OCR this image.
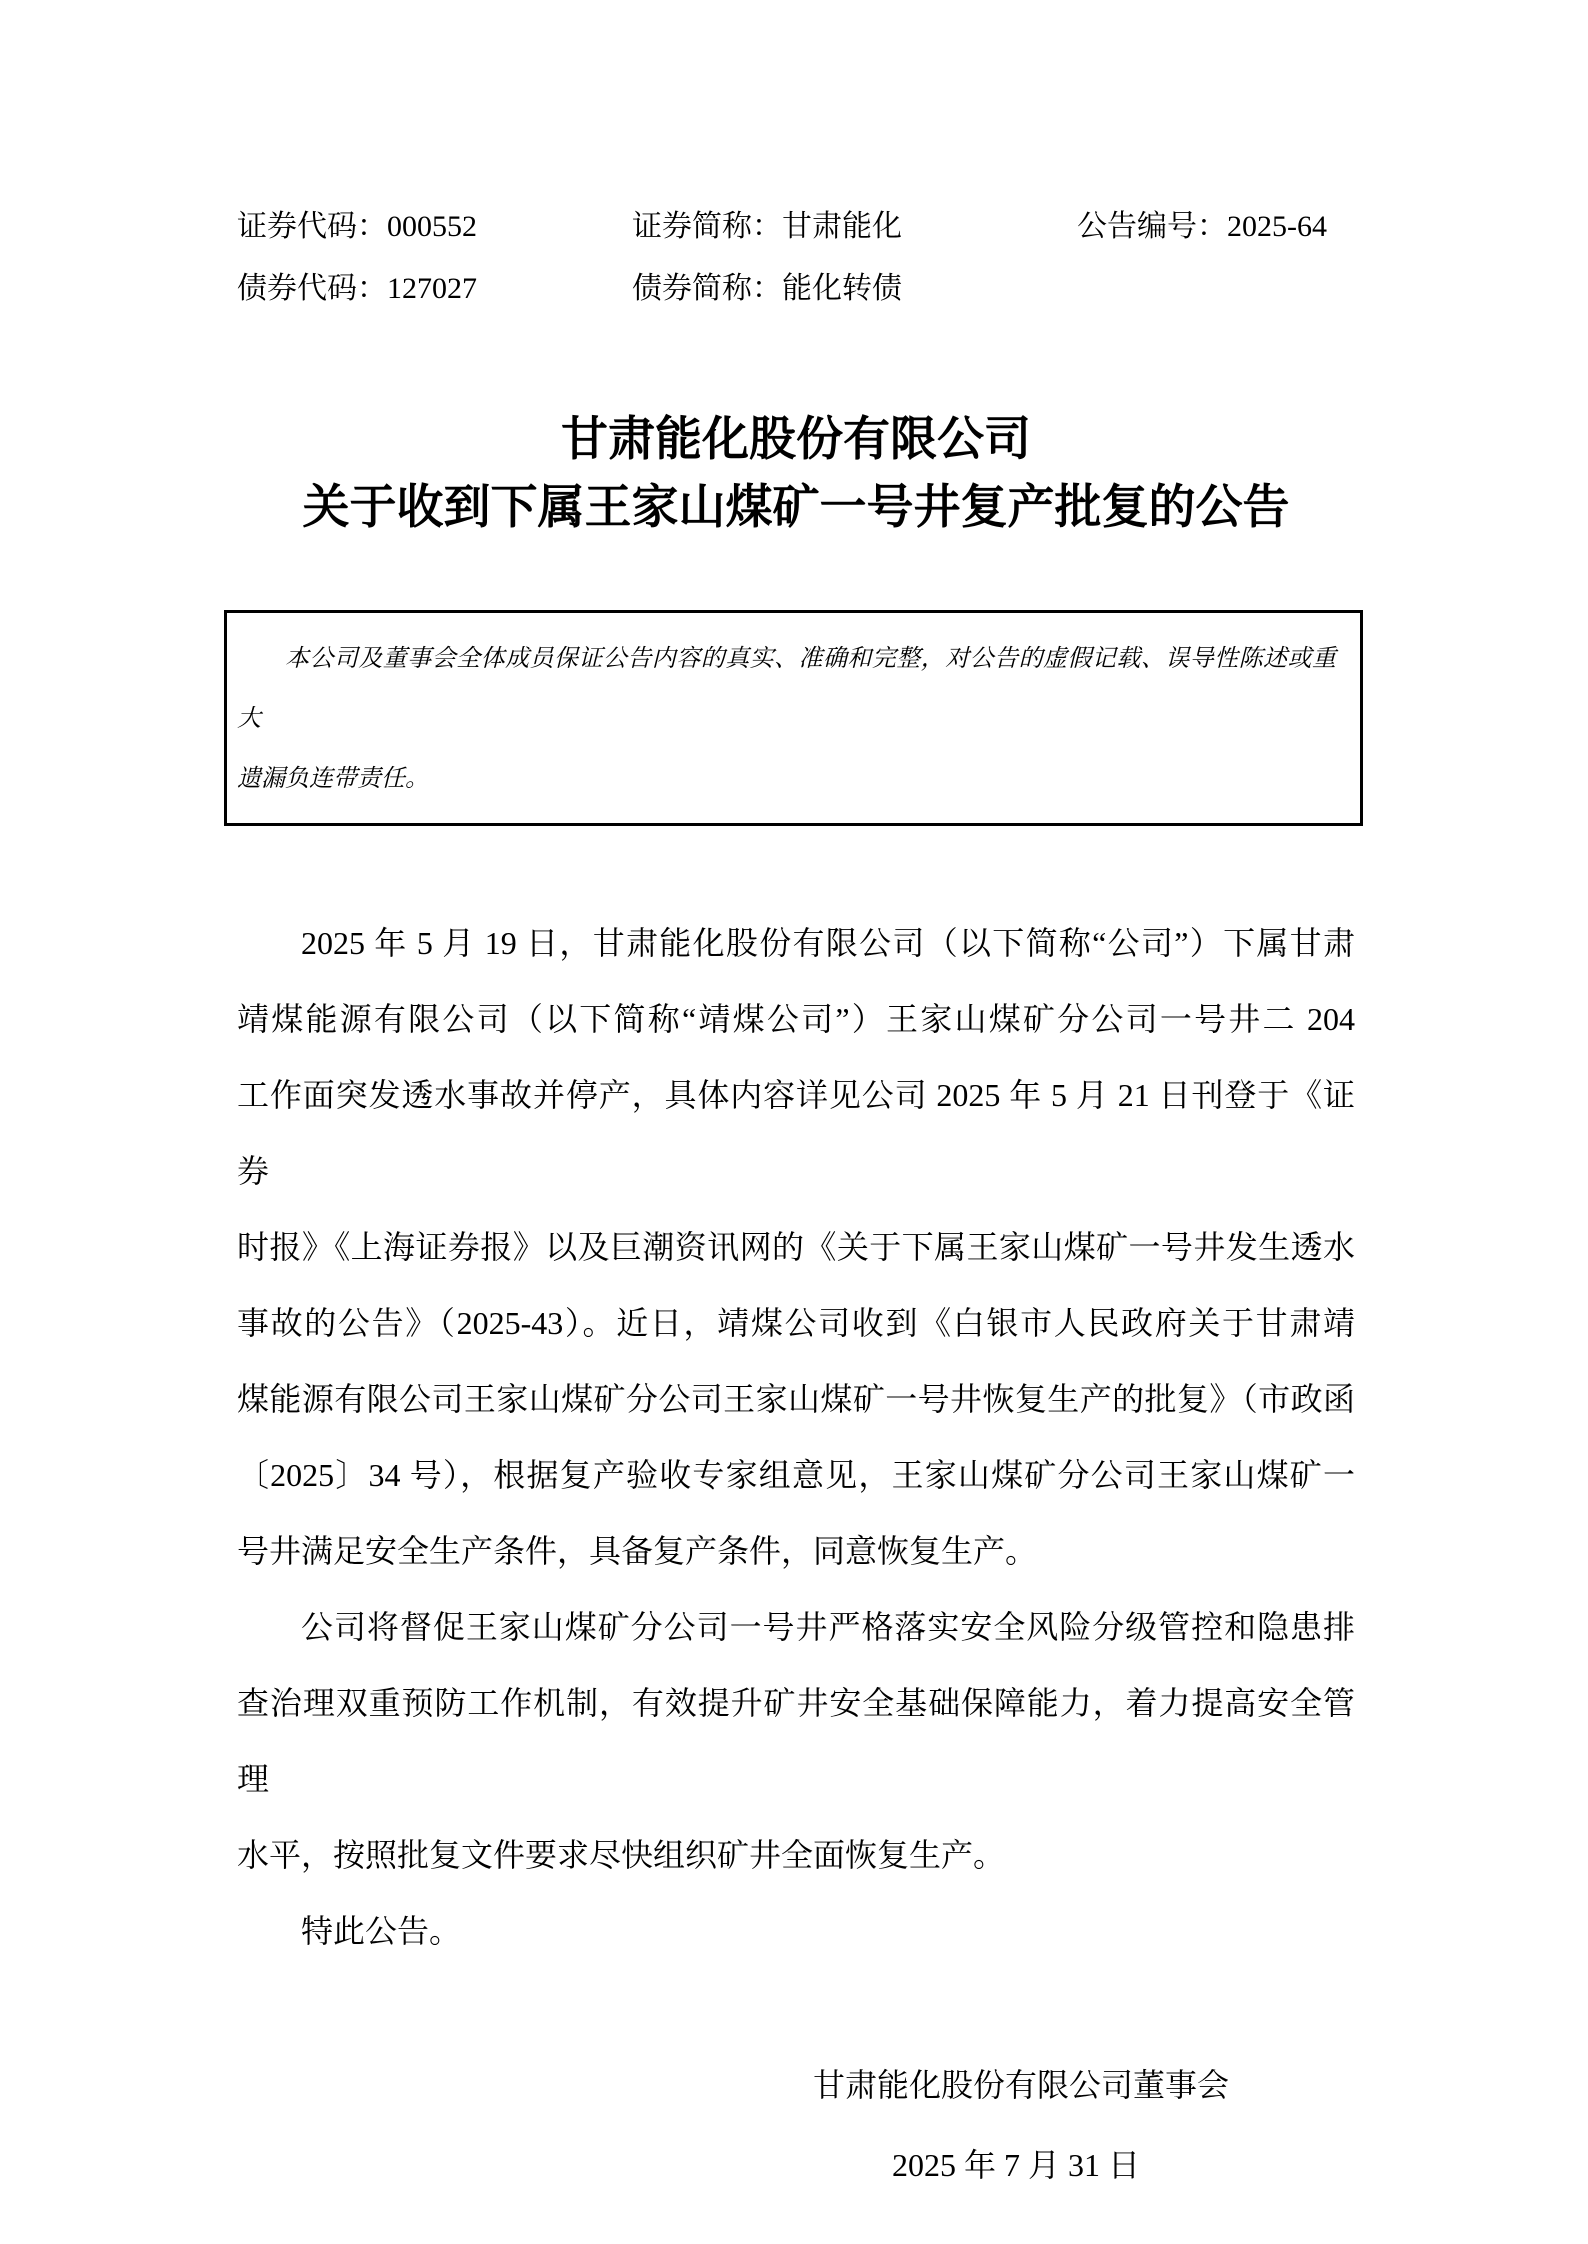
证券代码：000552	证券简称：甘肃能化	公告编号：2025-64
债券代码：127027	债券简称：能化转债
甘肃能化股份有限公司
关于收到下属王家山煤矿一号井复产批复的公告
本公司及董事会全体成员保证公告内容的真实、准确和完整，对公告的虚假记载、误导性陈述或重大
遗漏负连带责任。
2025 年 5 月 19 日，甘肃能化股份有限公司（以下简称“公司”）下属甘肃
靖煤能源有限公司（以下简称“靖煤公司”）王家山煤矿分公司一号井二 204
工作面突发透水事故并停产，具体内容详见公司 2025 年 5 月 21 日刊登于《证券
时报》《上海证券报》以及巨潮资讯网的《关于下属王家山煤矿一号井发生透水
事故的公告》（2025-43）。近日，靖煤公司收到《白银市人民政府关于甘肃靖
煤能源有限公司王家山煤矿分公司王家山煤矿一号井恢复生产的批复》（市政函
〔2025〕34 号），根据复产验收专家组意见，王家山煤矿分公司王家山煤矿一
号井满足安全生产条件，具备复产条件，同意恢复生产。
公司将督促王家山煤矿分公司一号井严格落实安全风险分级管控和隐患排
查治理双重预防工作机制，有效提升矿井安全基础保障能力，着力提高安全管理
水平，按照批复文件要求尽快组织矿井全面恢复生产。
特此公告。
甘肃能化股份有限公司董事会
2025 年 7 月 31 日
